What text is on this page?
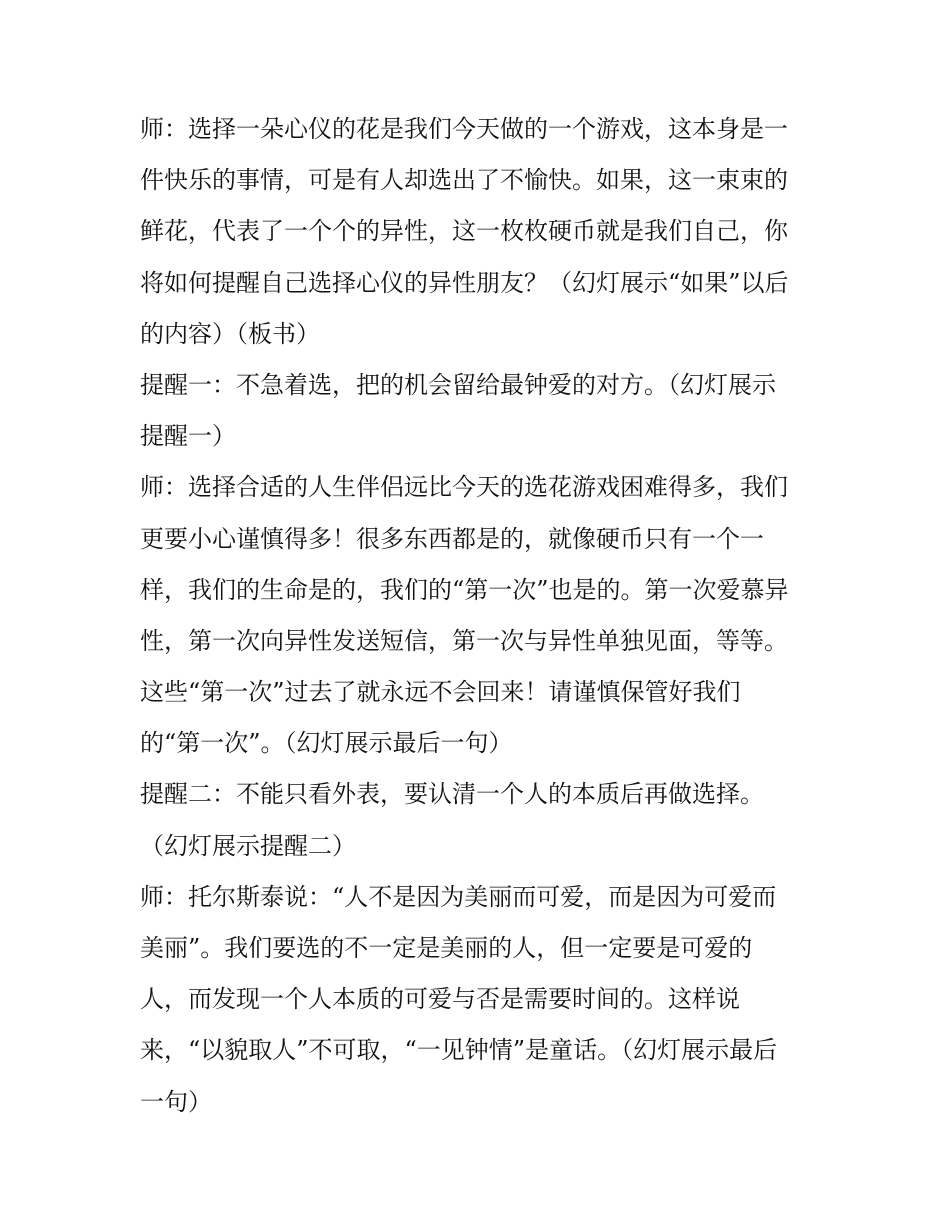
师：选择一朵心仪的花是我们今天做的一个游戏，这本身是一
件快乐的事情，可是有人却选出了不愉快。如果，这一束束的
鲜花，代表了一个个的异性，这一枚枚硬币就是我们自己，你
将如何提醒自己选择心仪的异性朋友？（幻灯展示“如果”以后
的内容）（板书）
提醒一：不急着选，把的机会留给最钟爱的对方。（幻灯展示
提醒一）
师：选择合适的人生伴侣远比今天的选花游戏困难得多，我们
更要小心谨慎得多！很多东西都是的，就像硬币只有一个一
样，我们的生命是的，我们的“第一次”也是的。第一次爱慕异
性，第一次向异性发送短信，第一次与异性单独见面，等等。
这些“第一次”过去了就永远不会回来！请谨慎保管好我们
的“第一次”。（幻灯展示最后一句）
提醒二：不能只看外表，要认清一个人的本质后再做选择。
（幻灯展示提醒二）
师：托尔斯泰说：“人不是因为美丽而可爱，而是因为可爱而
美丽”。我们要选的不一定是美丽的人，但一定要是可爱的
人，而发现一个人本质的可爱与否是需要时间的。这样说
来，“以貌取人”不可取，“一见钟情”是童话。（幻灯展示最后
一句）
